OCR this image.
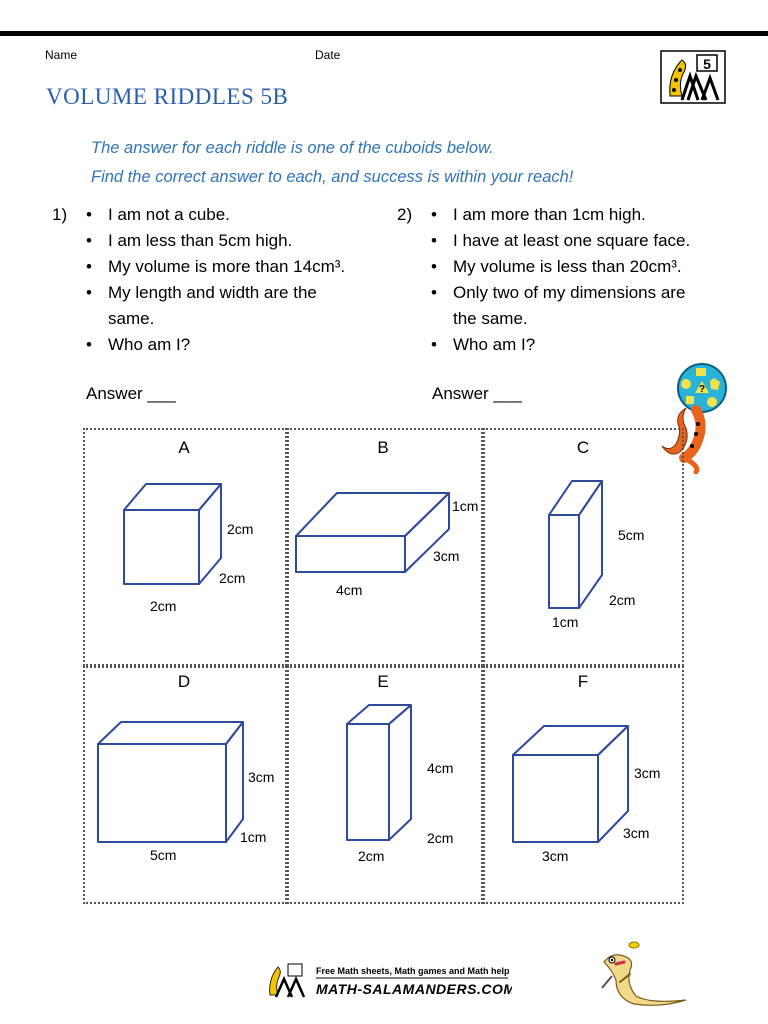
Name	Date
5
VOLUME RIDDLES 5B
The answer for each riddle is one of the cuboids below.
Find the correct answer to each, and success is within your reach!
1)	• I am not a cube.
• I am less than 5cm high.
• My volume is more than 14cm³.
• My length and width are the same.
• Who am I?
Answer ___
2)	• I am more than 1cm high.
• I have at least one square face.
• My volume is less than 20cm³.
• Only two of my dimensions are the same.
• Who am I?
Answer ___	?
A	B	C
D	E	F
2cm
2cm
2cm
1cm
3cm
4cm
5cm
2cm
1cm
3cm
1cm
5cm
4cm
2cm
2cm
3cm
3cm
3cm
Free Math sheets, Math games and Math help
MATH-SALAMANDERS.COM
